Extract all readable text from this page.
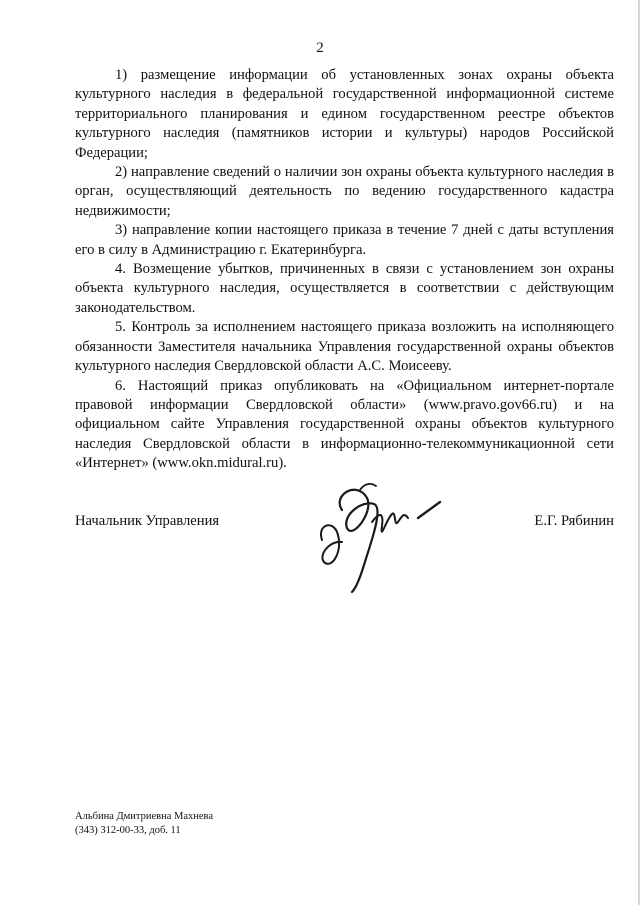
2

1) размещение информации об установленных зонах охраны объекта культурного наследия в федеральной государственной информационной системе территориального планирования и едином государственном реестре объектов культурного наследия (памятников истории и культуры) народов Российской Федерации;

2) направление сведений о наличии зон охраны объекта культурного наследия в орган, осуществляющий деятельность по ведению государственного кадастра недвижимости;

3) направление копии настоящего приказа в течение 7 дней с даты вступления его в силу в Администрацию г. Екатеринбурга.

4. Возмещение убытков, причиненных в связи с установлением зон охраны объекта культурного наследия, осуществляется в соответствии с действующим законодательством.

5. Контроль за исполнением настоящего приказа возложить на исполняющего обязанности Заместителя начальника Управления государственной охраны объектов культурного наследия Свердловской области А.С. Моисееву.

6. Настоящий приказ опубликовать на «Официальном интернет-портале правовой информации Свердловской области» (www.pravo.gov66.ru) и на официальном сайте Управления государственной охраны объектов культурного наследия Свердловской области в информационно-телекоммуникационной сети «Интернет» (www.okn.midural.ru).

Начальник Управления	Е.Г. Рябинин
Альбина Дмитриевна Махнева
(343) 312-00-33, доб. 11
